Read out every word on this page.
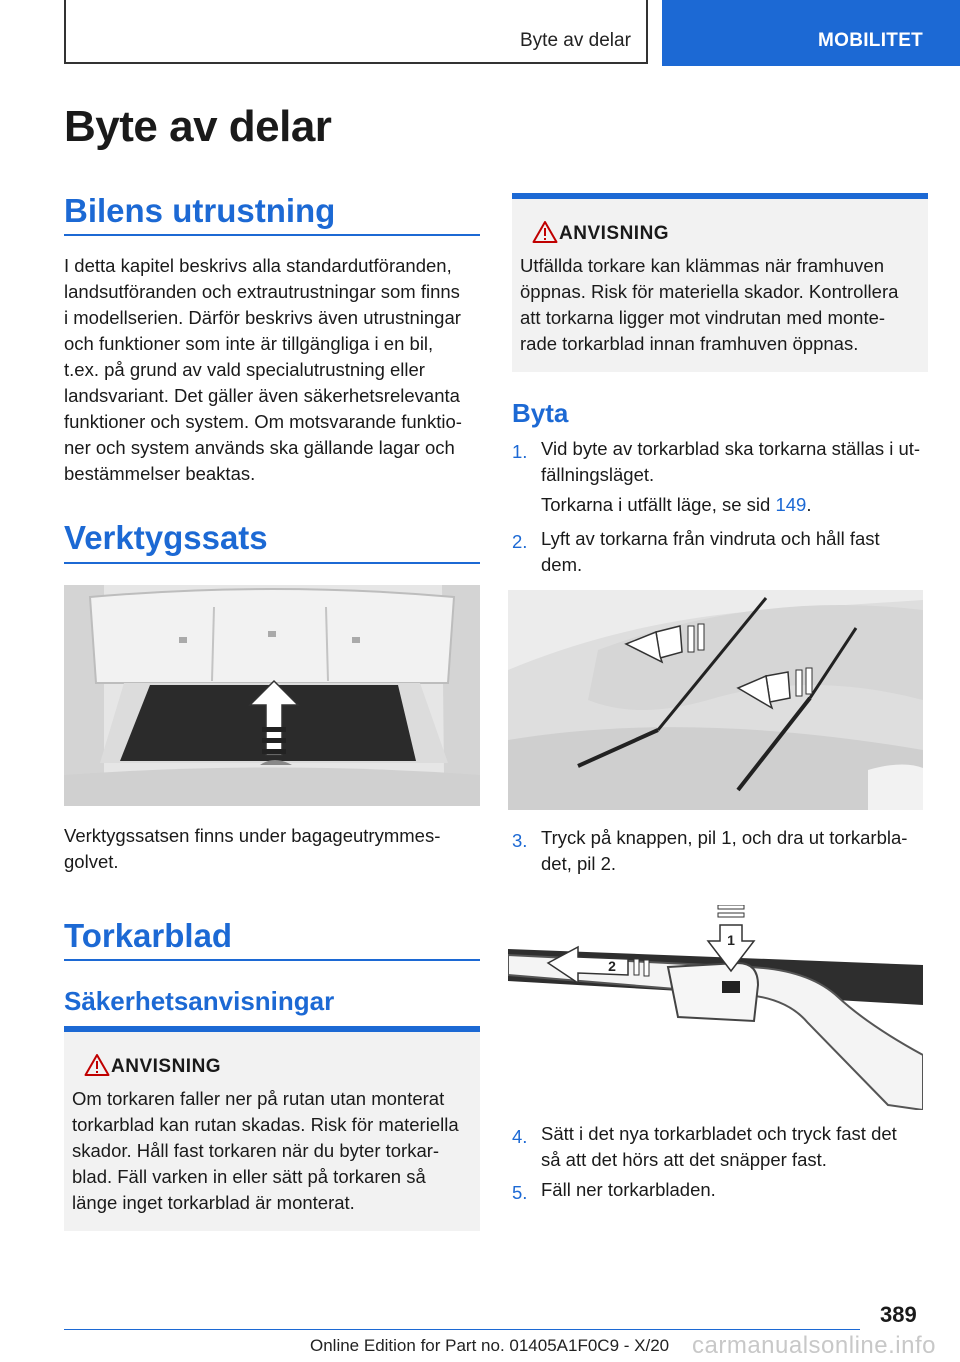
Byte av delar	MOBILITET
Byte av delar
Bilens utrustning
I detta kapitel beskrivs alla standardutföranden,
landsutföranden och extrautrustningar som finns
i modellserien. Därför beskrivs även utrustningar
och funktioner som inte är tillgängliga i en bil,
t.ex. på grund av vald specialutrustning eller
landsvariant. Det gäller även säkerhetsrelevanta
funktioner och system. Om motsvarande funktio‐
ner och system används ska gällande lagar och
bestämmelser beaktas.
Verktygssats
Verktygssatsen finns under bagageutrymmes‐
golvet.
Torkarblad
Säkerhetsanvisningar
ANVISNING
Om torkaren faller ner på rutan utan monterat
torkarblad kan rutan skadas. Risk för materiella
skador. Håll fast torkaren när du byter torkar‐
blad. Fäll varken in eller sätt på torkaren så
länge inget torkarblad är monterat.
ANVISNING
Utfällda torkare kan klämmas när framhuven
öppnas. Risk för materiella skador. Kontrollera
att torkarna ligger mot vindrutan med monte‐
rade torkarblad innan framhuven öppnas.
Byta
1. Vid byte av torkarblad ska torkarna ställas i ut‐
fällningsläget.
Torkarna i utfällt läge, se sid 149.
2. Lyft av torkarna från vindruta och håll fast
dem.
3. Tryck på knappen, pil 1, och dra ut torkarbla‐
det, pil 2.
1
2
4. Sätt i det nya torkarbladet och tryck fast det
så att det hörs att det snäpper fast.
5. Fäll ner torkarbladen.
389
Online Edition for Part no. 01405A1F0C9 - X/20 carmanualsonline.info
